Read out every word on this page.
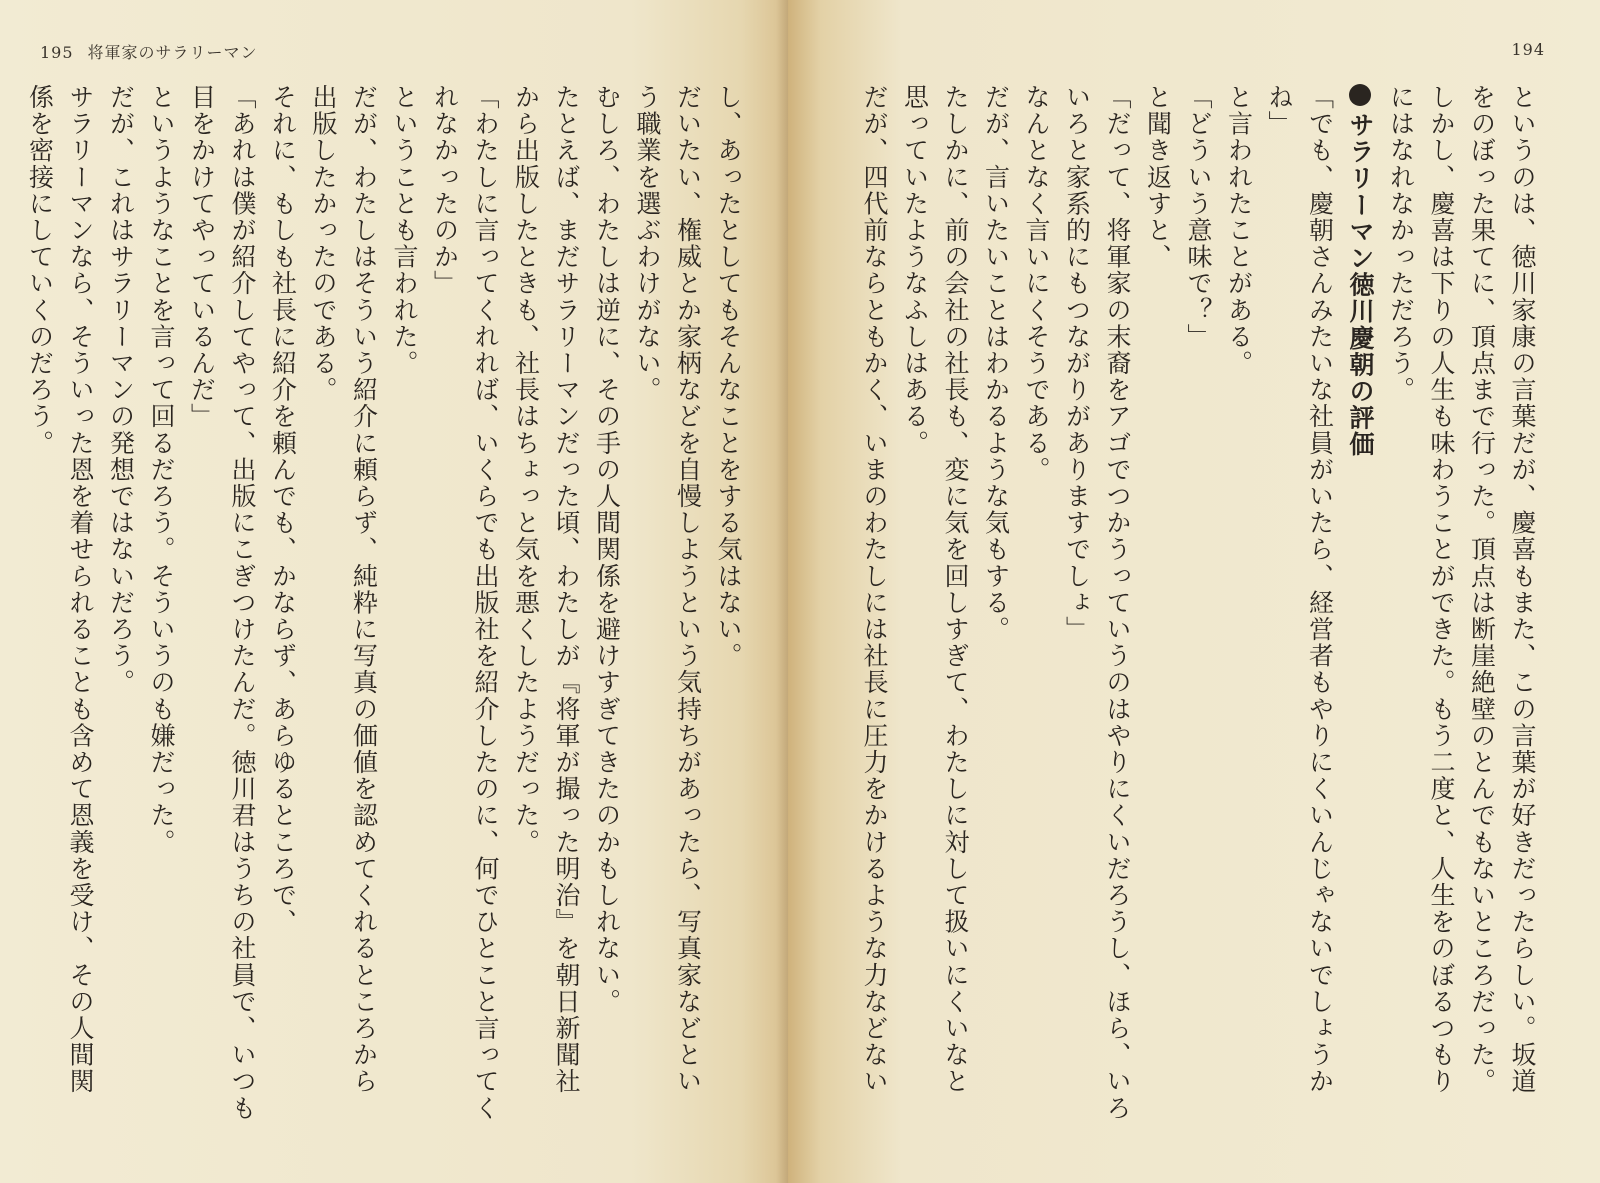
195 将軍家のサラリーマン
し、あったとしてもそんなことをする気はない。
だいたい、権威とか家柄などを自慢しようという気持ちがあったら、写真家などとい
う職業を選ぶわけがない。
むしろ、わたしは逆に、その手の人間関係を避けすぎてきたのかもしれない。
たとえば、まだサラリーマンだった頃、わたしが『将軍が撮った明治』を朝日新聞社
から出版したときも、社長はちょっと気を悪くしたようだった。
「わたしに言ってくれれば、いくらでも出版社を紹介したのに、何でひとこと言ってく
れなかったのか」
ということも言われた。
だが、わたしはそういう紹介に頼らず、純粋に写真の価値を認めてくれるところから
出版したかったのである。
それに、もしも社長に紹介を頼んでも、かならず、あらゆるところで、
「あれは僕が紹介してやって、出版にこぎつけたんだ。徳川君はうちの社員で、いつも
目をかけてやっているんだ」
というようなことを言って回るだろう。そういうのも嫌だった。
だが、これはサラリーマンの発想ではないだろう。
サラリーマンなら、そういった恩を着せられることも含めて恩義を受け、その人間関
係を密接にしていくのだろう。
194
というのは、徳川家康の言葉だが、慶喜もまた、この言葉が好きだったらしい。坂道
をのぼった果てに、頂点まで行った。頂点は断崖絶壁のとんでもないところだった。
しかし、慶喜は下りの人生も味わうことができた。もう二度と、人生をのぼるつもり
にはなれなかっただろう。
サラリーマン徳川慶朝の評価
「でも、慶朝さんみたいな社員がいたら、経営者もやりにくいんじゃないでしょうか
ね」
と言われたことがある。
「どういう意味で？」
と聞き返すと、
「だって、将軍家の末裔をアゴでつかうっていうのはやりにくいだろうし、ほら、いろ
いろと家系的にもつながりがありますでしょ」
なんとなく言いにくそうである。
だが、言いたいことはわかるような気もする。
たしかに、前の会社の社長も、変に気を回しすぎて、わたしに対して扱いにくいなと
思っていたようなふしはある。
だが、四代前ならともかく、いまのわたしには社長に圧力をかけるような力などない
